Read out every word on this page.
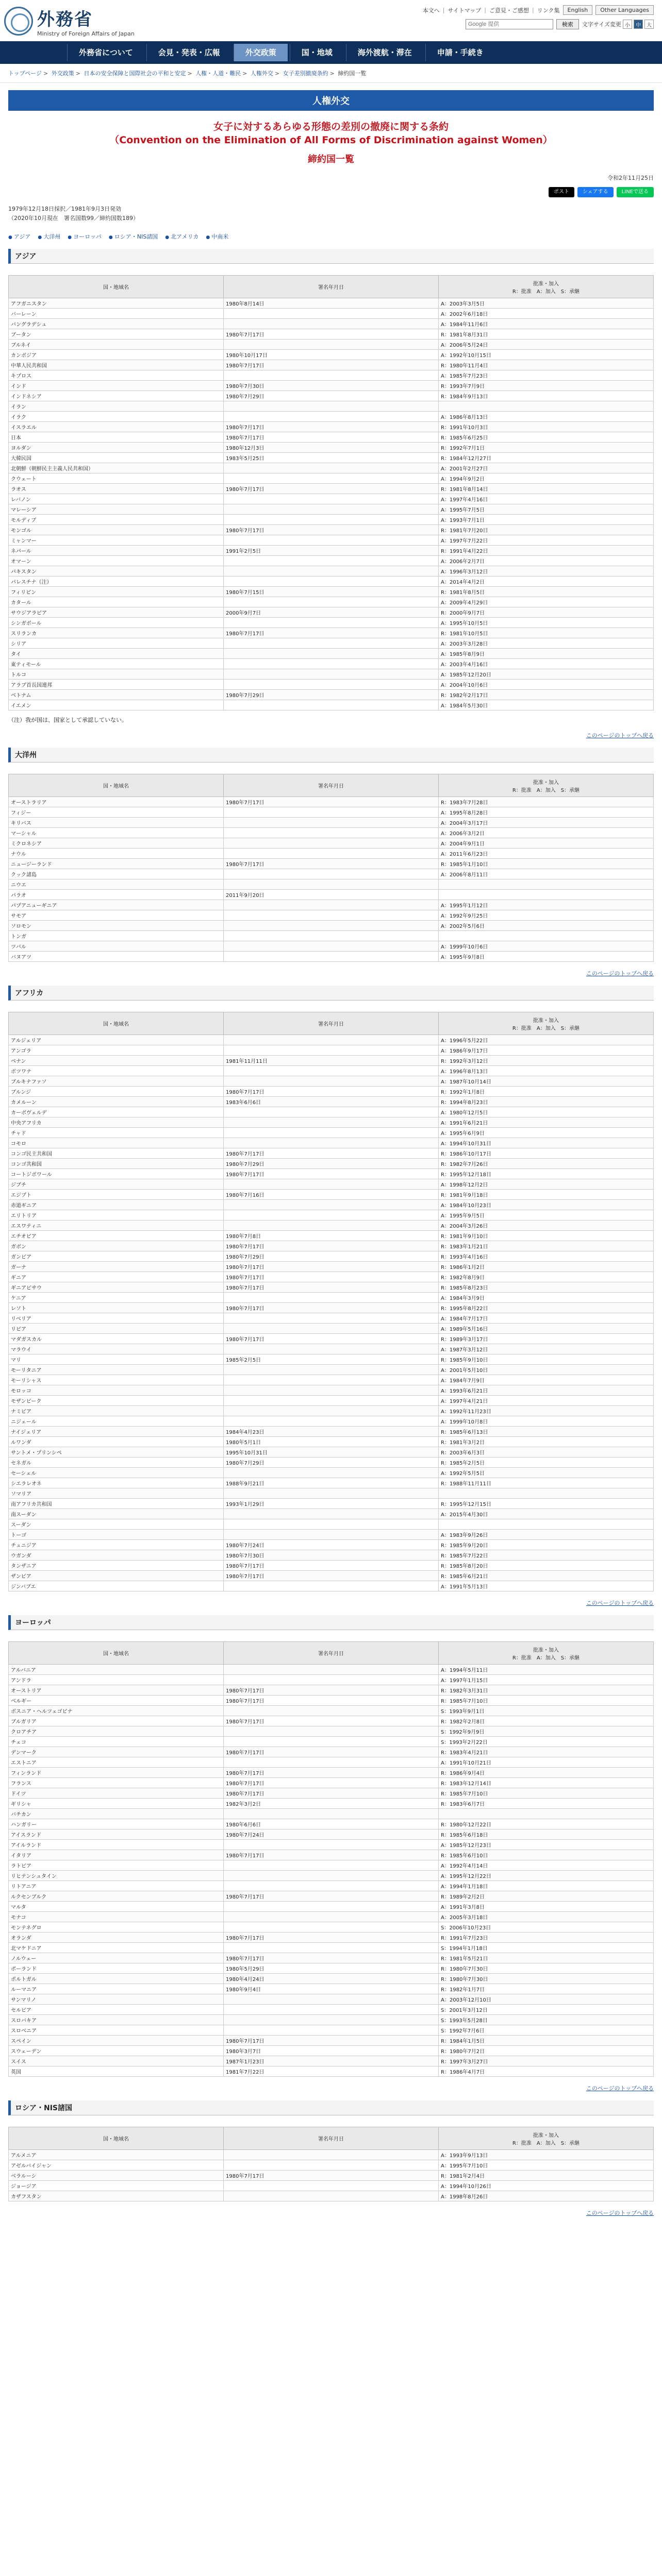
外務省
Ministry of Foreign Affairs of Japan
本文へ | サイトマップ | ご意見・ご感想 | リンク集	English	Other Languages
Google 提供
検索	文字サイズ変更 小	中	大
外務省について	会見・発表・広報	外交政策	国・地域	海外渡航・滞在	申請・手続き
トップページ > 外交政策 > 日本の安全保障と国際社会の平和と安定 > 人権・人道・難民 > 人権外交 > 女子差別撤廃条約 > 締約国一覧
人権外交
女子に対するあらゆる形態の差別の撤廃に関する条約
（Convention on the Elimination of All Forms of Discrimination against Women）
締約国一覧
令和2年11月25日
ポスト	シェアする	LINEで送る
1979年12月18日採択／1981年9月3日発効
（2020年10月現在　署名国数99／締約国数189）
● アジア	● 大洋州	● ヨーロッパ	● ロシア・NIS諸国	● 北アメリカ	● 中南米
アジア
国・地域名	署名年月日	批准・加入
R：批准　A：加入　S：承継

アフガニスタン	1980年8月14日	A：2003年3月5日
バーレーン		A：2002年6月18日
バングラデシュ		A：1984年11月6日
ブータン	1980年7月17日	R：1981年8月31日
ブルネイ		A：2006年5月24日
カンボジア	1980年10月17日	A：1992年10月15日
中華人民共和国	1980年7月17日	R：1980年11月4日
キプロス		A：1985年7月23日
インド	1980年7月30日	R：1993年7月9日
インドネシア	1980年7月29日	R：1984年9月13日
イラン		
イラク		A：1986年8月13日
イスラエル	1980年7月17日	R：1991年10月3日
日本	1980年7月17日	R：1985年6月25日
ヨルダン	1980年12月3日	R：1992年7月1日
大韓民国	1983年5月25日	R：1984年12月27日
北朝鮮（朝鮮民主主義人民共和国）		A：2001年2月27日
クウェート		A：1994年9月2日
ラオス	1980年7月17日	R：1981年8月14日
レバノン		A：1997年4月16日
マレーシア		A：1995年7月5日
モルディブ		A：1993年7月1日
モンゴル	1980年7月17日	R：1981年7月20日
ミャンマー		A：1997年7月22日
ネパール	1991年2月5日	R：1991年4月22日
オマーン		A：2006年2月7日
パキスタン		A：1996年3月12日
パレスチナ（注）		A：2014年4月2日
フィリピン	1980年7月15日	R：1981年8月5日
カタール		A：2009年4月29日
サウジアラビア	2000年9月7日	R：2000年9月7日
シンガポール		A：1995年10月5日
スリランカ	1980年7月17日	R：1981年10月5日
シリア		A：2003年3月28日
タイ		A：1985年8月9日
東ティモール		A：2003年4月16日
トルコ		A：1985年12月20日
アラブ首長国連邦		A：2004年10月6日
ベトナム	1980年7月29日	R：1982年2月17日
イエメン		A：1984年5月30日
（注）我が国は、国家として承認していない。
このページのトップへ戻る
大洋州
国・地域名	署名年月日	批准・加入
R：批准　A：加入　S：承継

オーストラリア	1980年7月17日	R：1983年7月28日
フィジー		A：1995年8月28日
キリバス		A：2004年3月17日
マーシャル		A：2006年3月2日
ミクロネシア		A：2004年9月1日
ナウル		A：2011年6月23日
ニュージーランド	1980年7月17日	R：1985年1月10日
クック諸島		A：2006年8月11日
ニウエ		
パラオ	2011年9月20日	
パプアニューギニア		A：1995年1月12日
サモア		A：1992年9月25日
ソロモン		A：2002年5月6日
トンガ		
ツバル		A：1999年10月6日
バヌアツ		A：1995年9月8日
このページのトップへ戻る
アフリカ
国・地域名	署名年月日	批准・加入
R：批准　A：加入　S：承継

アルジェリア		A：1996年5月22日
アンゴラ		A：1986年9月17日
ベナン	1981年11月11日	R：1992年3月12日
ボツワナ		A：1996年8月13日
ブルキナファソ		A：1987年10月14日
ブルンジ	1980年7月17日	R：1992年1月8日
カメルーン	1983年6月6日	R：1994年8月23日
カーボヴェルデ		A：1980年12月5日
中央アフリカ		A：1991年6月21日
チャド		A：1995年6月9日
コモロ		A：1994年10月31日
コンゴ民主共和国	1980年7月17日	R：1986年10月17日
コンゴ共和国	1980年7月29日	R：1982年7月26日
コートジボワール	1980年7月17日	R：1995年12月18日
ジブチ		A：1998年12月2日
エジプト	1980年7月16日	R：1981年9月18日
赤道ギニア		A：1984年10月23日
エリトリア		A：1995年9月5日
エスワティニ		A：2004年3月26日
エチオピア	1980年7月8日	R：1981年9月10日
ガボン	1980年7月17日	R：1983年1月21日
ガンビア	1980年7月29日	R：1993年4月16日
ガーナ	1980年7月17日	R：1986年1月2日
ギニア	1980年7月17日	R：1982年8月9日
ギニアビサウ	1980年7月17日	R：1985年8月23日
ケニア		A：1984年3月9日
レソト	1980年7月17日	R：1995年8月22日
リベリア		A：1984年7月17日
リビア		A：1989年5月16日
マダガスカル	1980年7月17日	R：1989年3月17日
マラウイ		A：1987年3月12日
マリ	1985年2月5日	R：1985年9月10日
モーリタニア		A：2001年5月10日
モーリシャス		A：1984年7月9日
モロッコ		A：1993年6月21日
モザンビーク		A：1997年4月21日
ナミビア		A：1992年11月23日
ニジェール		A：1999年10月8日
ナイジェリア	1984年4月23日	R：1985年6月13日
ルワンダ	1980年5月1日	R：1981年3月2日
サントメ・プリンシペ	1995年10月31日	R：2003年6月3日
セネガル	1980年7月29日	R：1985年2月5日
セーシェル		A：1992年5月5日
シエラレオネ	1988年9月21日	R：1988年11月11日
ソマリア		
南アフリカ共和国	1993年1月29日	R：1995年12月15日
南スーダン		A：2015年4月30日
スーダン		
トーゴ		A：1983年9月26日
チュニジア	1980年7月24日	R：1985年9月20日
ウガンダ	1980年7月30日	R：1985年7月22日
タンザニア	1980年7月17日	R：1985年8月20日
ザンビア	1980年7月17日	R：1985年6月21日
ジンバブエ		A：1991年5月13日
このページのトップへ戻る
ヨーロッパ
国・地域名	署名年月日	批准・加入
R：批准　A：加入　S：承継

アルバニア		A：1994年5月11日
アンドラ		A：1997年1月15日
オーストリア	1980年7月17日	R：1982年3月31日
ベルギー	1980年7月17日	R：1985年7月10日
ボスニア・ヘルツェゴビナ		S：1993年9月1日
ブルガリア	1980年7月17日	R：1982年2月8日
クロアチア		S：1992年9月9日
チェコ		S：1993年2月22日
デンマーク	1980年7月17日	R：1983年4月21日
エストニア		A：1991年10月21日
フィンランド	1980年7月17日	R：1986年9月4日
フランス	1980年7月17日	R：1983年12月14日
ドイツ	1980年7月17日	R：1985年7月10日
ギリシャ	1982年3月2日	R：1983年6月7日
バチカン		
ハンガリー	1980年6月6日	R：1980年12月22日
アイスランド	1980年7月24日	R：1985年6月18日
アイルランド		A：1985年12月23日
イタリア	1980年7月17日	R：1985年6月10日
ラトビア		A：1992年4月14日
リヒテンシュタイン		A：1995年12月22日
リトアニア		A：1994年1月18日
ルクセンブルク	1980年7月17日	R：1989年2月2日
マルタ		A：1991年3月8日
モナコ		A：2005年3月18日
モンテネグロ		S：2006年10月23日
オランダ	1980年7月17日	R：1991年7月23日
北マケドニア		S：1994年1月18日
ノルウェー	1980年7月17日	R：1981年5月21日
ポーランド	1980年5月29日	R：1980年7月30日
ポルトガル	1980年4月24日	R：1980年7月30日
ルーマニア	1980年9月4日	R：1982年1月7日
サンマリノ		A：2003年12月10日
セルビア		S：2001年3月12日
スロバキア		S：1993年5月28日
スロベニア		S：1992年7月6日
スペイン	1980年7月17日	R：1984年1月5日
スウェーデン	1980年3月7日	R：1980年7月2日
スイス	1987年1月23日	R：1997年3月27日
英国	1981年7月22日	R：1986年4月7日
このページのトップへ戻る
ロシア・NIS諸国
国・地域名	署名年月日	批准・加入
R：批准　A：加入　S：承継

アルメニア		A：1993年9月13日
アゼルバイジャン		A：1995年7月10日
ベラルーシ	1980年7月17日	R：1981年2月4日
ジョージア		A：1994年10月26日
カザフスタン		A：1998年8月26日
このページのトップへ戻る
